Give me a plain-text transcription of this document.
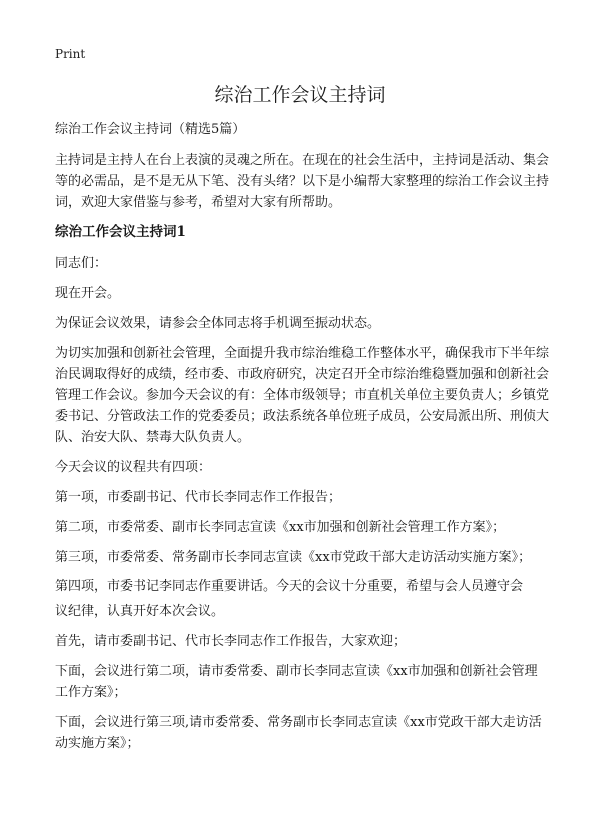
Print
综治工作会议主持词

综治工作会议主持词（精选5篇）

主持词是主持人在台上表演的灵魂之所在。在现在的社会生活中，主持词是活动、集会等的必需品，是不是无从下笔、没有头绪？以下是小编帮大家整理的综治工作会议主持词，欢迎大家借鉴与参考，希望对大家有所帮助。

综治工作会议主持词1

同志们：

现在开会。

为保证会议效果，请参会全体同志将手机调至振动状态。

为切实加强和创新社会管理，全面提升我市综治维稳工作整体水平，确保我市下半年综治民调取得好的成绩，经市委、市政府研究，决定召开全市综治维稳暨加强和创新社会管理工作会议。参加今天会议的有：全体市级领导；市直机关单位主要负责人；乡镇党委书记、分管政法工作的党委委员；政法系统各单位班子成员，公安局派出所、刑侦大队、治安大队、禁毒大队负责人。

今天会议的议程共有四项：

第一项，市委副书记、代市长李同志作工作报告；

第二项，市委常委、副市长李同志宣读《xx市加强和创新社会管理工作方案》；

第三项，市委常委、常务副市长李同志宣读《xx市党政干部大走访活动实施方案》；

第四项，市委书记李同志作重要讲话。今天的会议十分重要，希望与会人员遵守会

议纪律，认真开好本次会议。

首先，请市委副书记、代市长李同志作工作报告，大家欢迎；

下面，会议进行第二项，请市委常委、副市长李同志宣读《xx市加强和创新社会管理工作方案》；

下面，会议进行第三项,请市委常委、常务副市长李同志宣读《xx市党政干部大走访活动实施方案》；
